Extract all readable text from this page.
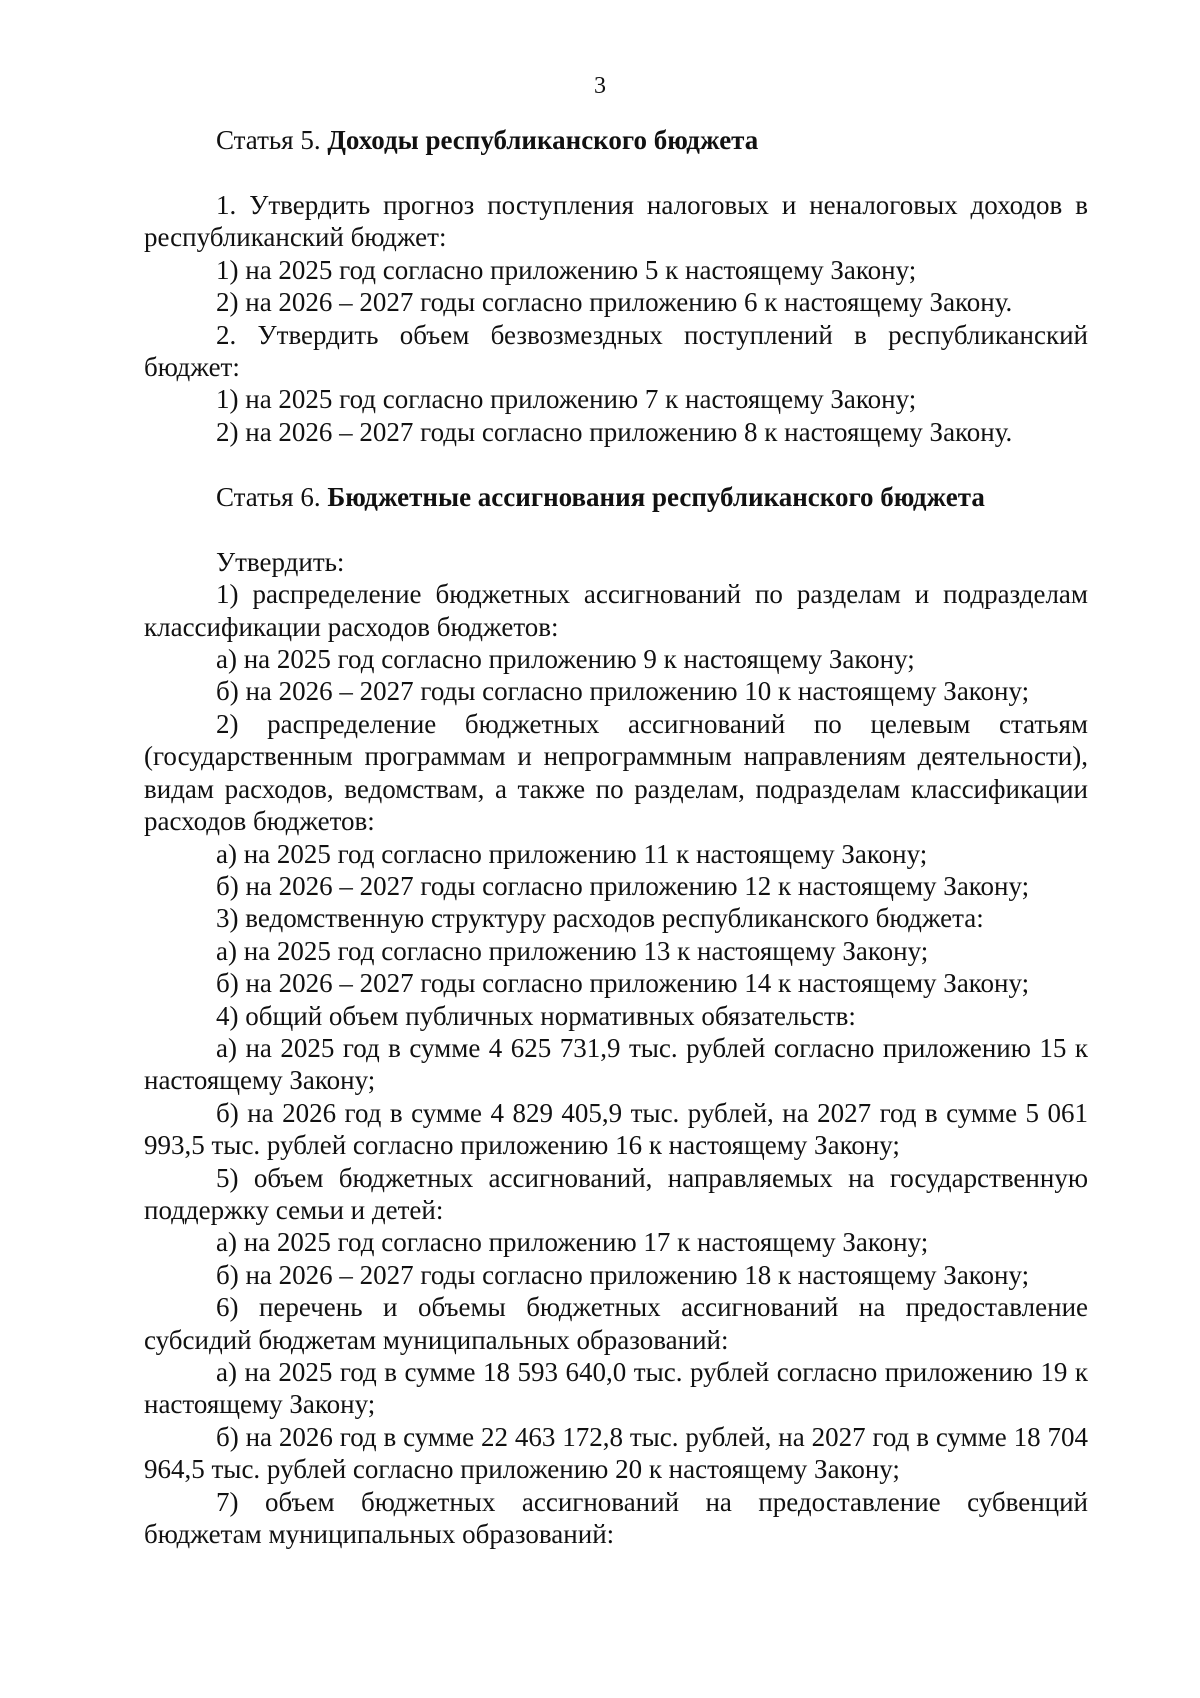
3
Статья 5. Доходы республиканского бюджета

1. Утвердить прогноз поступления налоговых и неналоговых доходов в республиканский бюджет:

1) на 2025 год согласно приложению 5 к настоящему Закону;

2) на 2026 – 2027 годы согласно приложению 6 к настоящему Закону.

2. Утвердить объем безвозмездных поступлений в республиканский бюджет:

1) на 2025 год согласно приложению 7 к настоящему Закону;

2) на 2026 – 2027 годы согласно приложению 8 к настоящему Закону.

Статья 6. Бюджетные ассигнования республиканского бюджета

Утвердить:

1) распределение бюджетных ассигнований по разделам и подразделам классификации расходов бюджетов:

а) на 2025 год согласно приложению 9 к настоящему Закону;

б) на 2026 – 2027 годы согласно приложению 10 к настоящему Закону;

2) распределение бюджетных ассигнований по целевым статьям (государственным программам и непрограммным направлениям деятельности), видам расходов, ведомствам, а также по разделам, подразделам классификации расходов бюджетов:

а) на 2025 год согласно приложению 11 к настоящему Закону;

б) на 2026 – 2027 годы согласно приложению 12 к настоящему Закону;

3) ведомственную структуру расходов республиканского бюджета:

а) на 2025 год согласно приложению 13 к настоящему Закону;

б) на 2026 – 2027 годы согласно приложению 14 к настоящему Закону;

4) общий объем публичных нормативных обязательств:

а) на 2025 год в сумме 4 625 731,9 тыс. рублей согласно приложению 15 к настоящему Закону;

б) на 2026 год в сумме 4 829 405,9 тыс. рублей, на 2027 год в сумме 5 061 993,5 тыс. рублей согласно приложению 16 к настоящему Закону;

5) объем бюджетных ассигнований, направляемых на государственную поддержку семьи и детей:

а) на 2025 год согласно приложению 17 к настоящему Закону;

б) на 2026 – 2027 годы согласно приложению 18 к настоящему Закону;

6) перечень и объемы бюджетных ассигнований на предоставление субсидий бюджетам муниципальных образований:

а) на 2025 год в сумме 18 593 640,0 тыс. рублей согласно приложению 19 к настоящему Закону;

б) на 2026 год в сумме 22 463 172,8 тыс. рублей, на 2027 год в сумме 18 704 964,5 тыс. рублей согласно приложению 20 к настоящему Закону;

7) объем бюджетных ассигнований на предоставление субвенций бюджетам муниципальных образований:
